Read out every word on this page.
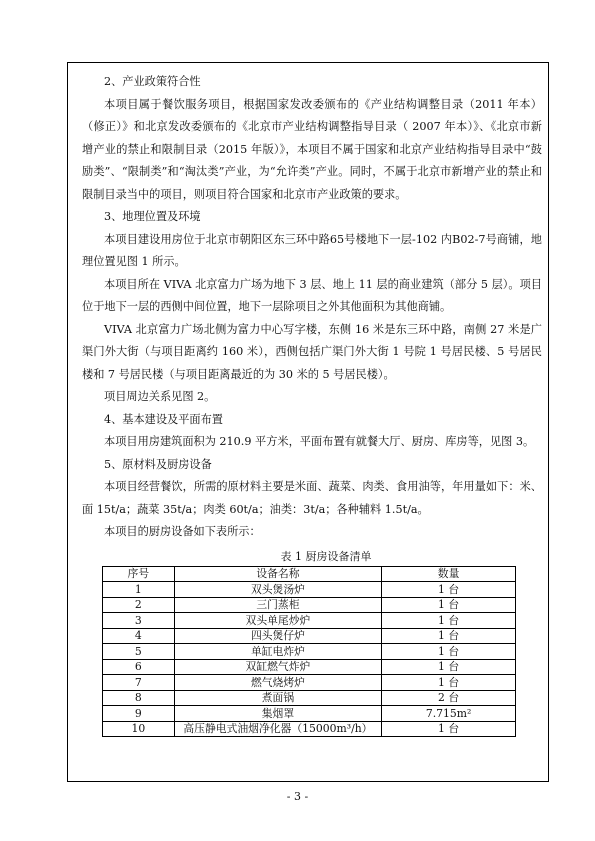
2、产业政策符合性

本项目属于餐饮服务项目，根据国家发改委颁布的《产业结构调整目录（2011 年本）（修正）》和北京发改委颁布的《北京市产业结构调整指导目录（ 2007 年本）》、《北京市新增产业的禁止和限制目录（2015 年版）》，本项目不属于国家和北京产业结构指导目录中“鼓励类”、“限制类”和“淘汰类”产业，为“允许类”产业。同时，不属于北京市新增产业的禁止和限制目录当中的项目，则项目符合国家和北京市产业政策的要求。

3、地理位置及环境

本项目建设用房位于北京市朝阳区东三环中路65号楼地下一层-102 内B02-7号商铺，地理位置见图 1 所示。

本项目所在 VIVA 北京富力广场为地下 3 层、地上 11 层的商业建筑（部分 5 层）。项目位于地下一层的西侧中间位置，地下一层除项目之外其他面积为其他商铺。

VIVA 北京富力广场北侧为富力中心写字楼，东侧 16 米是东三环中路，南侧 27 米是广渠门外大街（与项目距离约 160 米），西侧包括广渠门外大街 1 号院 1 号居民楼、5 号居民楼和 7 号居民楼（与项目距离最近的为 30 米的 5 号居民楼）。

项目周边关系见图 2。

4、基本建设及平面布置

本项目用房建筑面积为 210.9 平方米，平面布置有就餐大厅、厨房、库房等，见图 3。

5、原材料及厨房设备

本项目经营餐饮，所需的原材料主要是米面、蔬菜、肉类、食用油等，年用量如下：米、面 15t/a；蔬菜 35t/a；肉类 60t/a；油类：3t/a；各种辅料 1.5t/a。

本项目的厨房设备如下表所示：

表 1 厨房设备清单
序号	设备名称	数量
1	双头煲汤炉	1 台
2	三门蒸柜	1 台
3	双头单尾炒炉	1 台
4	四头煲仔炉	1 台
5	单缸电炸炉	1 台
6	双缸燃气炸炉	1 台
7	燃气烧烤炉	1 台
8	煮面锅	2 台
9	集烟罩	7.715m²
10	高压静电式油烟净化器（15000m³/h）	1 台
- 3 -
